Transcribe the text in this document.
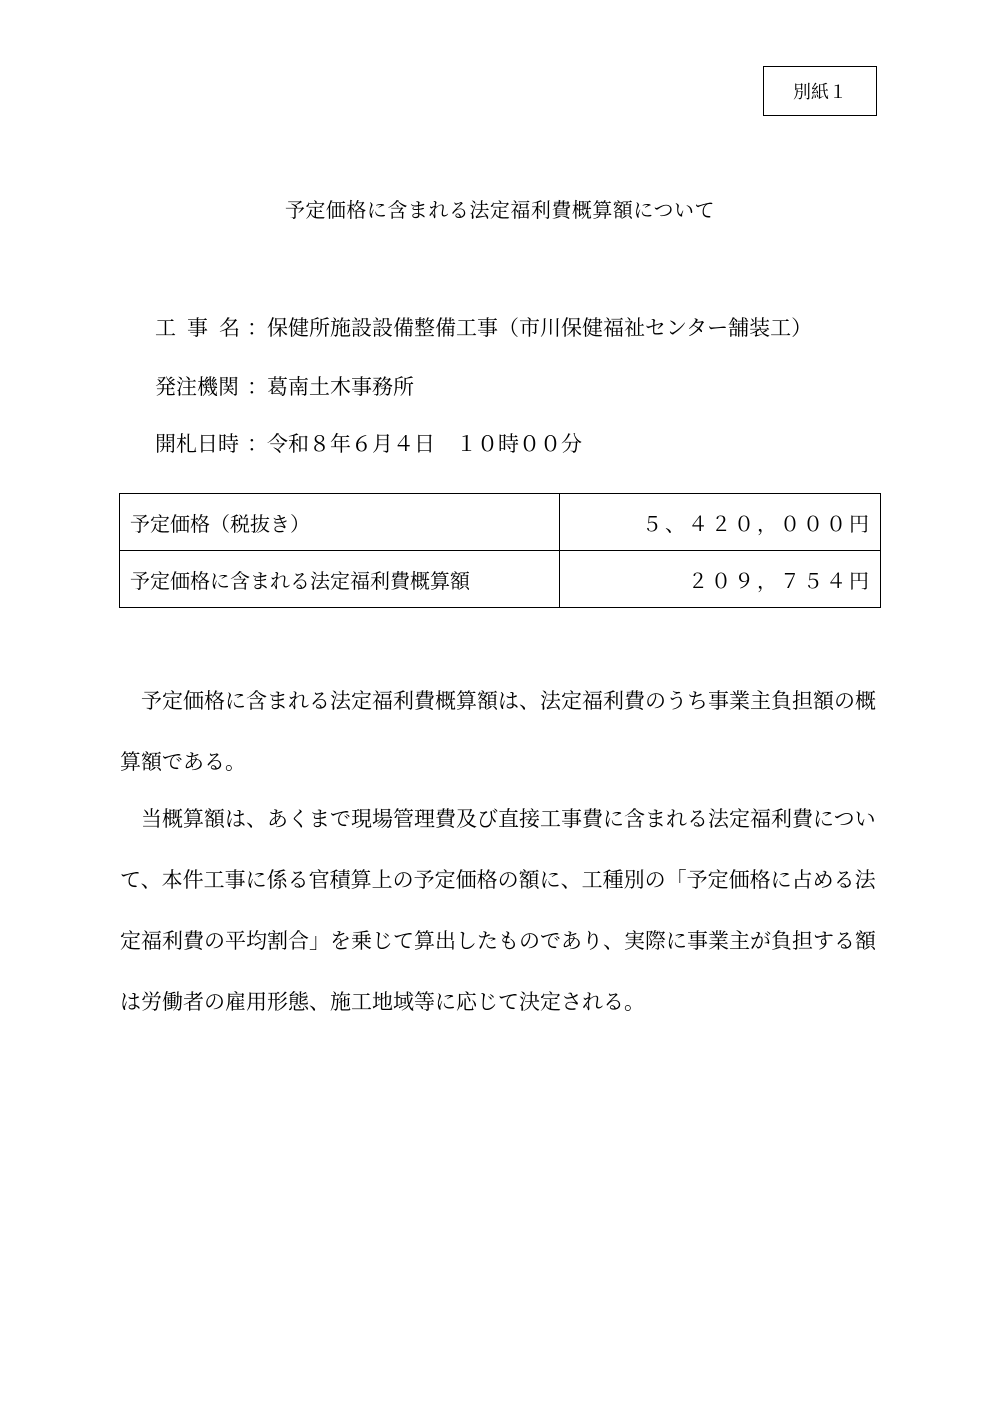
別紙１
予定価格に含まれる法定福利費概算額について
工事名
： 保健所施設設備整備工事（市川保健福祉センター舗装工）
発注機関 ： 葛南土木事務所
開札日時 ： 令和８年６月４日　１０時００分
予定価格（税抜き）	５、４２０，０００円
予定価格に含まれる法定福利費概算額	２０９，７５４円

予定価格に含まれる法定福利費概算額は、法定福利費のうち事業主負担額の概算額である。

当概算額は、あくまで現場管理費及び直接工事費に含まれる法定福利費について、本件工事に係る官積算上の予定価格の額に、工種別の「予定価格に占める法定福利費の平均割合」を乗じて算出したものであり、実際に事業主が負担する額は労働者の雇用形態、施工地域等に応じて決定される。
